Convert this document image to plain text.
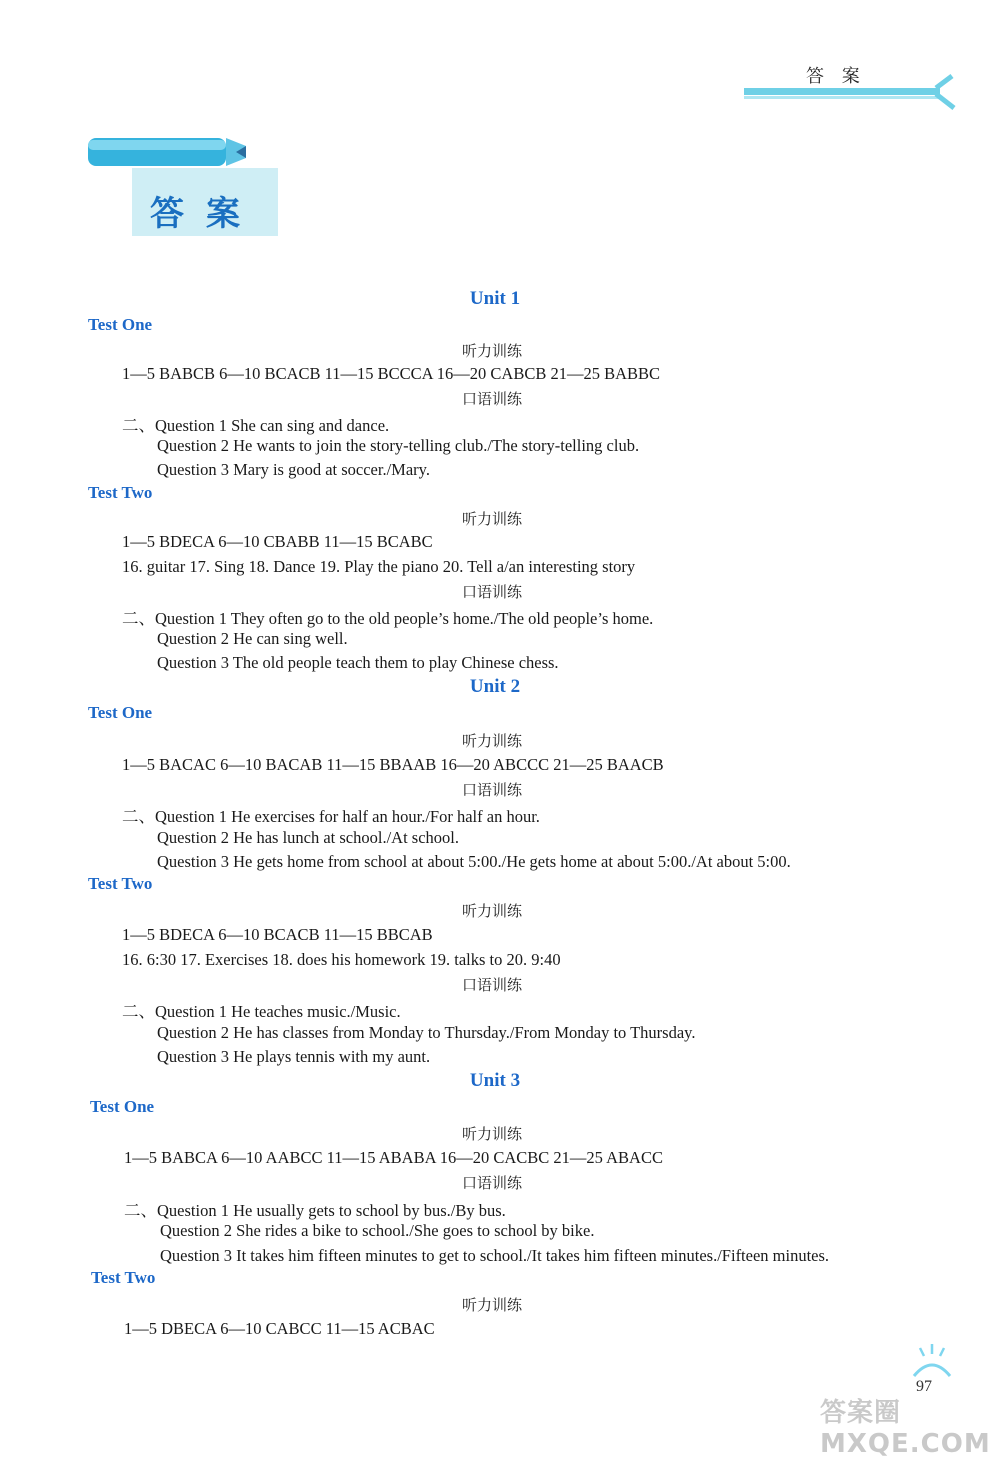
答 案
答案
Unit 1
Test One
听力训练
1—5 BABCB 6—10 BCACB 11—15 BCCCA 16—20 CABCB 21—25 BABBC
口语训练
二、Question 1 She can sing and dance.
Question 2 He wants to join the story-telling club./The story-telling club.
Question 3 Mary is good at soccer./Mary.
Test Two
听力训练
1—5 BDECA 6—10 CBABB 11—15 BCABC
16. guitar 17. Sing 18. Dance 19. Play the piano 20. Tell a/an interesting story
口语训练
二、Question 1 They often go to the old people’s home./The old people’s home.
Question 2 He can sing well.
Question 3 The old people teach them to play Chinese chess.
Unit 2
Test One
听力训练
1—5 BACAC 6—10 BACAB 11—15 BBAAB 16—20 ABCCC 21—25 BAACB
口语训练
二、Question 1 He exercises for half an hour./For half an hour.
Question 2 He has lunch at school./At school.
Question 3 He gets home from school at about 5:00./He gets home at about 5:00./At about 5:00.
Test Two
听力训练
1—5 BDECA 6—10 BCACB 11—15 BBCAB
16. 6:30 17. Exercises 18. does his homework 19. talks to 20. 9:40
口语训练
二、Question 1 He teaches music./Music.
Question 2 He has classes from Monday to Thursday./From Monday to Thursday.
Question 3 He plays tennis with my aunt.
Unit 3
Test One
听力训练
1—5 BABCA 6—10 AABCC 11—15 ABABA 16—20 CACBC 21—25 ABACC
口语训练
二、Question 1 He usually gets to school by bus./By bus.
Question 2 She rides a bike to school./She goes to school by bike.
Question 3 It takes him fifteen minutes to get to school./It takes him fifteen minutes./Fifteen minutes.
Test Two
听力训练
1—5 DBECA 6—10 CABCC 11—15 ACBAC
97
答案圈 MXQE.COM
